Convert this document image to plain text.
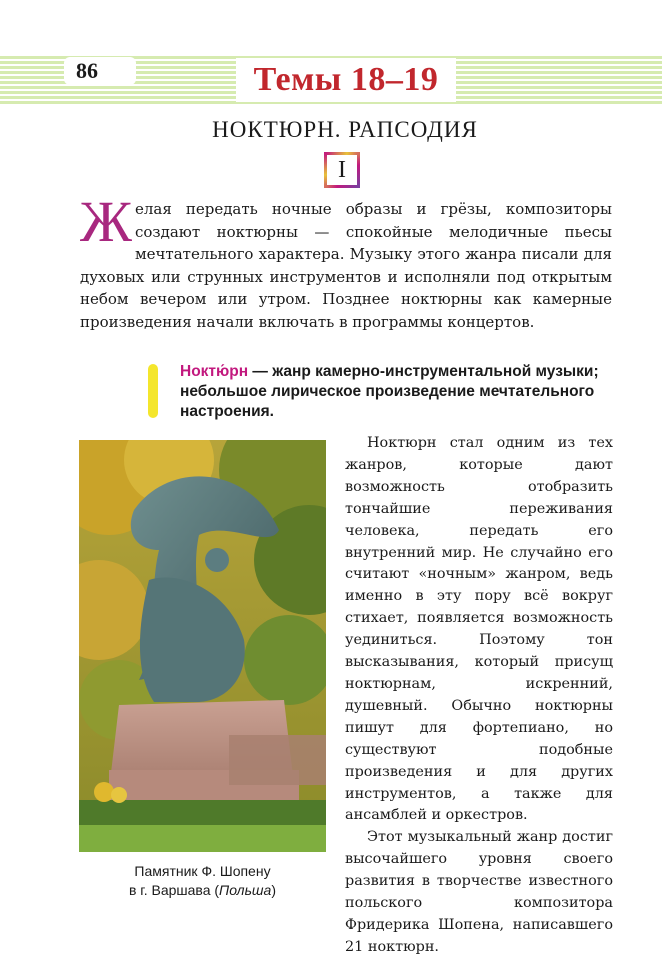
86	Темы 18–19
НОКТЮРН. РАПСОДИЯ
I
Желая передать ночные образы и грёзы, композиторы создают ноктюрны — спокойные мелодичные пьесы мечтательного характера. Музыку этого жанра писали для духовых или струнных инструментов и исполняли под открытым небом вечером или утром. Позднее ноктюрны как камерные произведения начали включать в программы концертов.
Ноктю́рн — жанр камерно-инструментальной музыки; небольшое лирическое произведение мечтательного настроения.
Памятник Ф. Шопену
в г. Варшава (Польша)

Ноктюрн стал одним из тех жанров, которые дают возможность отобразить тончайшие переживания человека, передать его внутренний мир. Не случайно его считают «ночным» жанром, ведь именно в эту пору всё вокруг стихает, появляется возможность уединиться. Поэтому тон высказывания, который присущ ноктюрнам, искренний, душевный. Обычно ноктюрны пишут для фортепиано, но существуют подобные произведения и для других инструментов, а также для ансамблей и оркестров.

Этот музыкальный жанр достиг высочайшего уровня своего развития в творчестве известного польского композитора Фридерика Шопена, написавшего 21 ноктюрн.
